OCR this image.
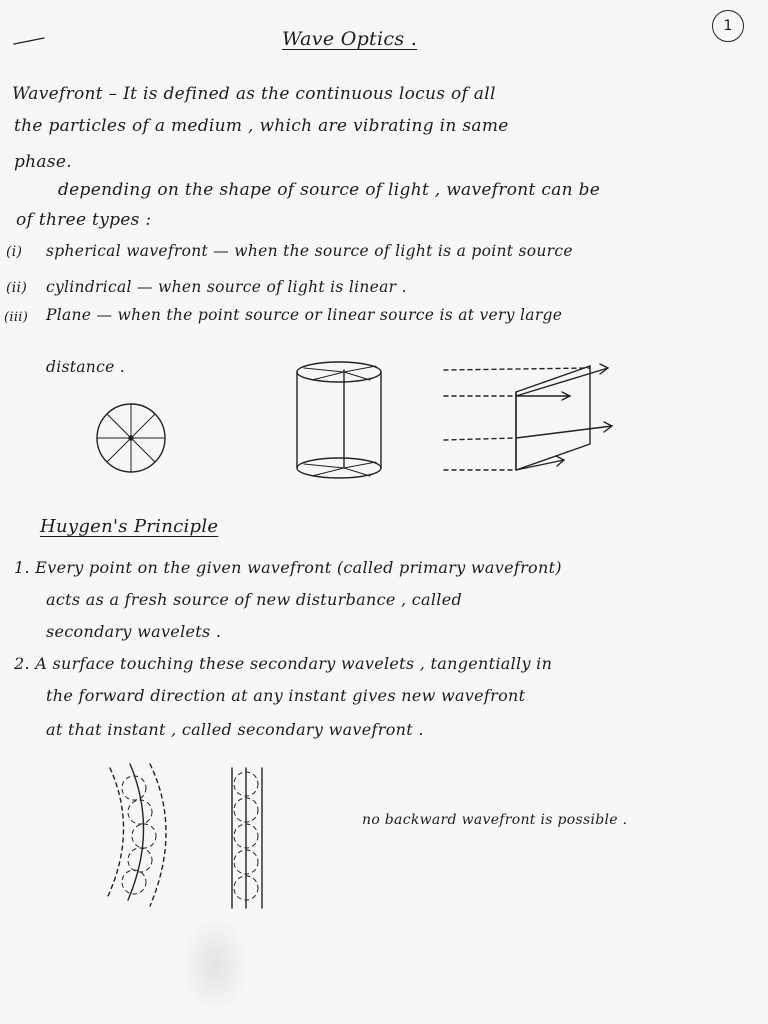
1
Wave Optics .
Wavefront – It is defined as the continuous locus of all
the particles of a medium , which are vibrating in same
phase.
depending on the shape of source of light , wavefront can be
of three types :
(i) spherical wavefront — when the source of light is a point source
(ii) cylindrical — when source of light is linear .
(iii) Plane — when the point source or linear source is at very large
distance .
Huygen's Principle
1. Every point on the given wavefront (called primary wavefront)
acts as a fresh source of new disturbance , called
secondary wavelets .
2. A surface touching these secondary wavelets , tangentially in
the forward direction at any instant gives new wavefront
at that instant , called secondary wavefront .
no backward wavefront is possible .
